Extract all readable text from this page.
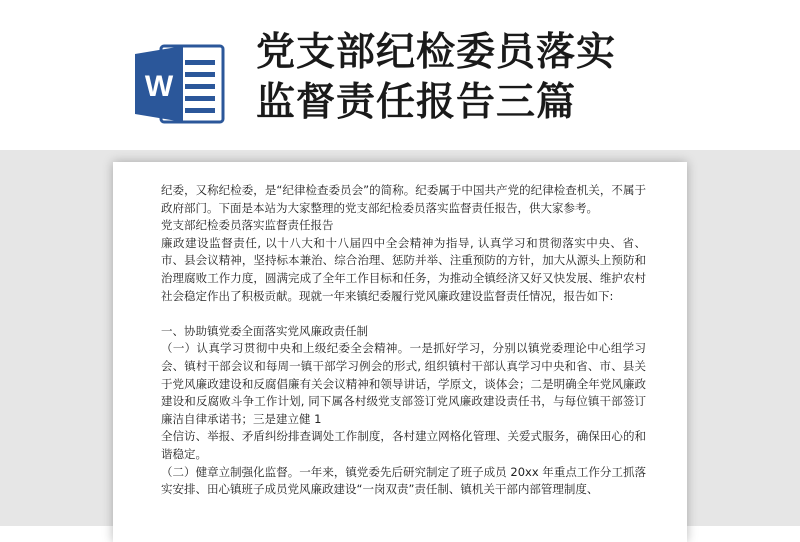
W
党支部纪检委员落实
监督责任报告三篇

纪委，又称纪检委，是“纪律检查委员会”的简称。纪委属于中国共产党的纪律检查机关，不属于政府部门。下面是本站为大家整理的党支部纪检委员落实监督责任报告，供大家参考。

党支部纪检委员落实监督责任报告

廉政建设监督责任, 以十八大和十八届四中全会精神为指导, 认真学习和贯彻落实中央、省、市、县会议精神，坚持标本兼治、综合治理、惩防并举、注重预防的方针，加大从源头上预防和治理腐败工作力度，圆满完成了全年工作目标和任务，为推动全镇经济又好又快发展、维护农村社会稳定作出了积极贡献。现就一年来镇纪委履行党风廉政建设监督责任情况，报告如下:

一、协助镇党委全面落实党风廉政责任制

（一）认真学习贯彻中央和上级纪委全会精神。一是抓好学习，分别以镇党委理论中心组学习会、镇村干部会议和每周一镇干部学习例会的形式, 组织镇村干部认真学习中央和省、市、县关于党风廉政建设和反腐倡廉有关会议精神和领导讲话，学原文，谈体会；二是明确全年党风廉政建设和反腐败斗争工作计划, 同下属各村级党支部签订党风廉政建设责任书，与每位镇干部签订廉洁自律承诺书；三是建立健 1

全信访、举报、矛盾纠纷排查调处工作制度，各村建立网格化管理、关爱式服务，确保田心的和谐稳定。

（二）健章立制强化监督。一年来，镇党委先后研究制定了班子成员 20xx 年重点工作分工抓落实安排、田心镇班子成员党风廉政建设“一岗双责”责任制、镇机关干部内部管理制度、
